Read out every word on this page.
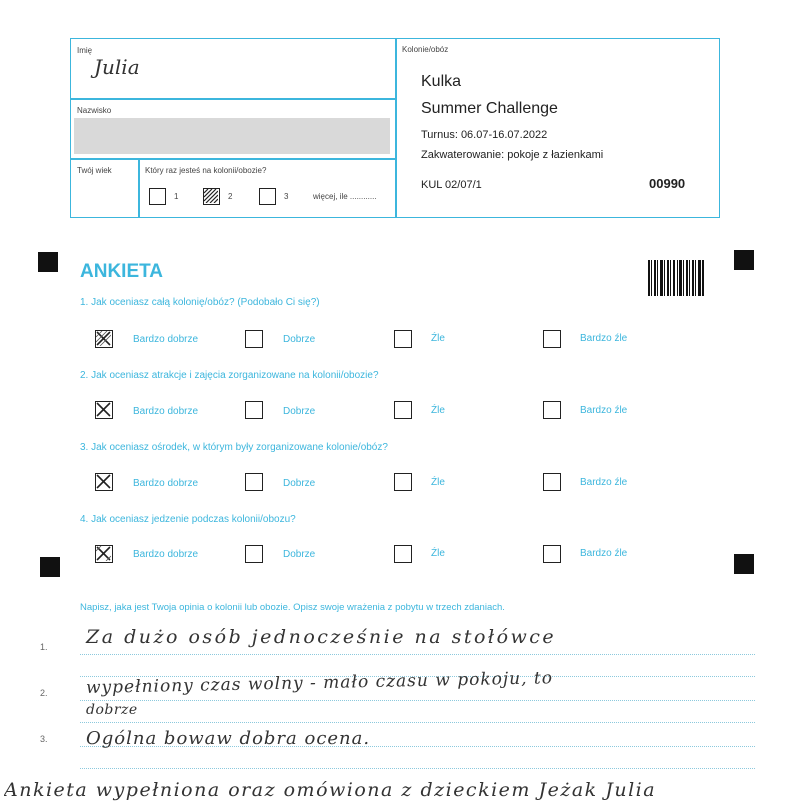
Imię
Julia
Nazwisko
Twój wiek	Który raz jesteś na kolonii/obozie?
1	2	3	więcej, ile ............
Kolonie/obóz
Kulka
Summer Challenge
Turnus: 06.07-16.07.2022
Zakwaterowanie: pokoje z łazienkami
KUL 02/07/1	00990
ANKIETA
1. Jak oceniasz całą kolonię/obóz? (Podobało Ci się?)
Bardzo dobrze	Dobrze	Źle	Bardzo źle
2. Jak oceniasz atrakcje i zajęcia zorganizowane na kolonii/obozie?
Bardzo dobrze	Dobrze	Źle	Bardzo źle
3. Jak oceniasz ośrodek, w którym były zorganizowane kolonie/obóz?
Bardzo dobrze	Dobrze	Źle	Bardzo źle
4. Jak oceniasz jedzenie podczas kolonii/obozu?
Bardzo dobrze	Dobrze	Źle	Bardzo źle
Napisz, jaka jest Twoja opinia o kolonii lub obozie. Opisz swoje wrażenia z pobytu w trzech zdaniach.
1.
2.
3.
Za dużo osób jednocześnie na stołówce
wypełniony czas wolny - mało czasu w pokoju, to
dobrze
Ogólna bowaw dobra ocena.
Ankieta wypełniona oraz omówiona z dzieckiem Jeżak Julia
